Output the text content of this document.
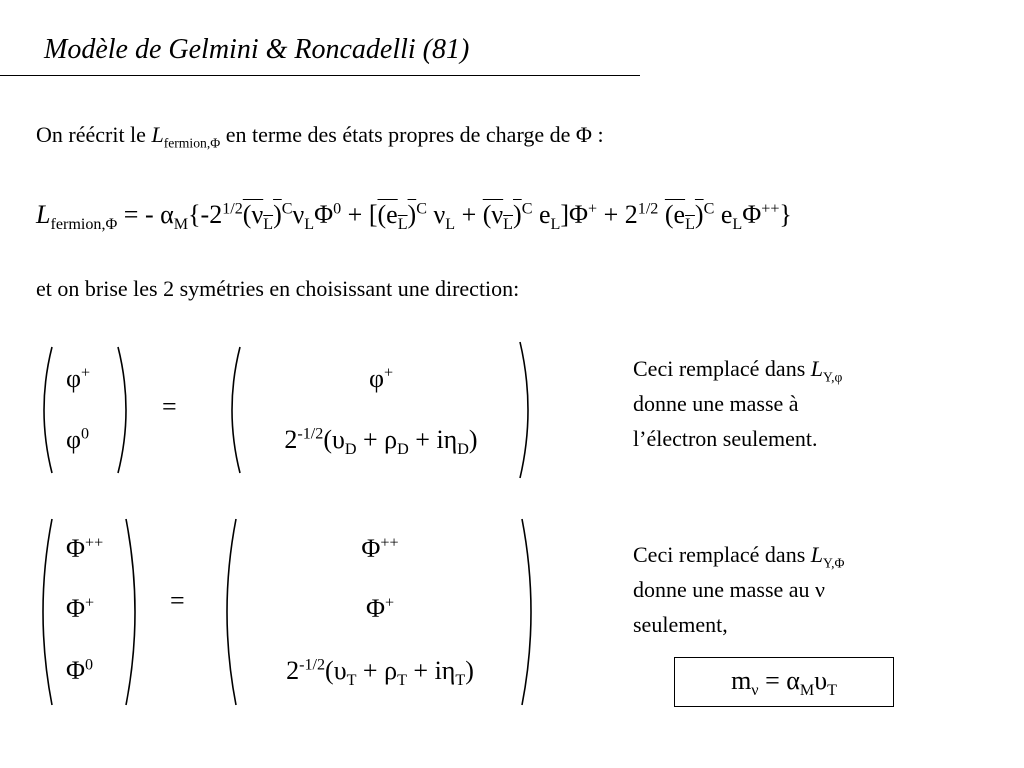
Modèle de Gelmini & Roncadelli (81)
On réécrit le $L_{fermion,\Phi}$ en terme des états propres de charge de Φ :
$L_{fermion,\Phi}$ = - $\alpha_M\{-2^{1/2}(\nu_L)^C\nu_L\Phi^0 + [(e_L)^C$ $\nu_L + (\nu_L)^C$ $e_L]\Phi^+ + 2^{1/2}$ $(e_L)^C$ $e_L\Phi^{++}$}
et on brise les 2 symétries en choisissant une direction:
φ+
$\varphi^0$
=
φ+
$2^{-1/2}(\upsilon_D + \rho_D + i\eta_D)$
Ceci remplacé dans $L_{Y,\varphi}$
donne une masse à
l’électron seulement.
Φ++
Φ+
$\Phi^0$
=
Φ++
Φ+
$2^{-1/2}(\upsilon_T + \rho_T + i\eta_T)$
Ceci remplacé dans $L_{Y,\Phi}$
donne une masse au ν
seulement,
$m_\nu = \alpha_M\upsilon_T$
